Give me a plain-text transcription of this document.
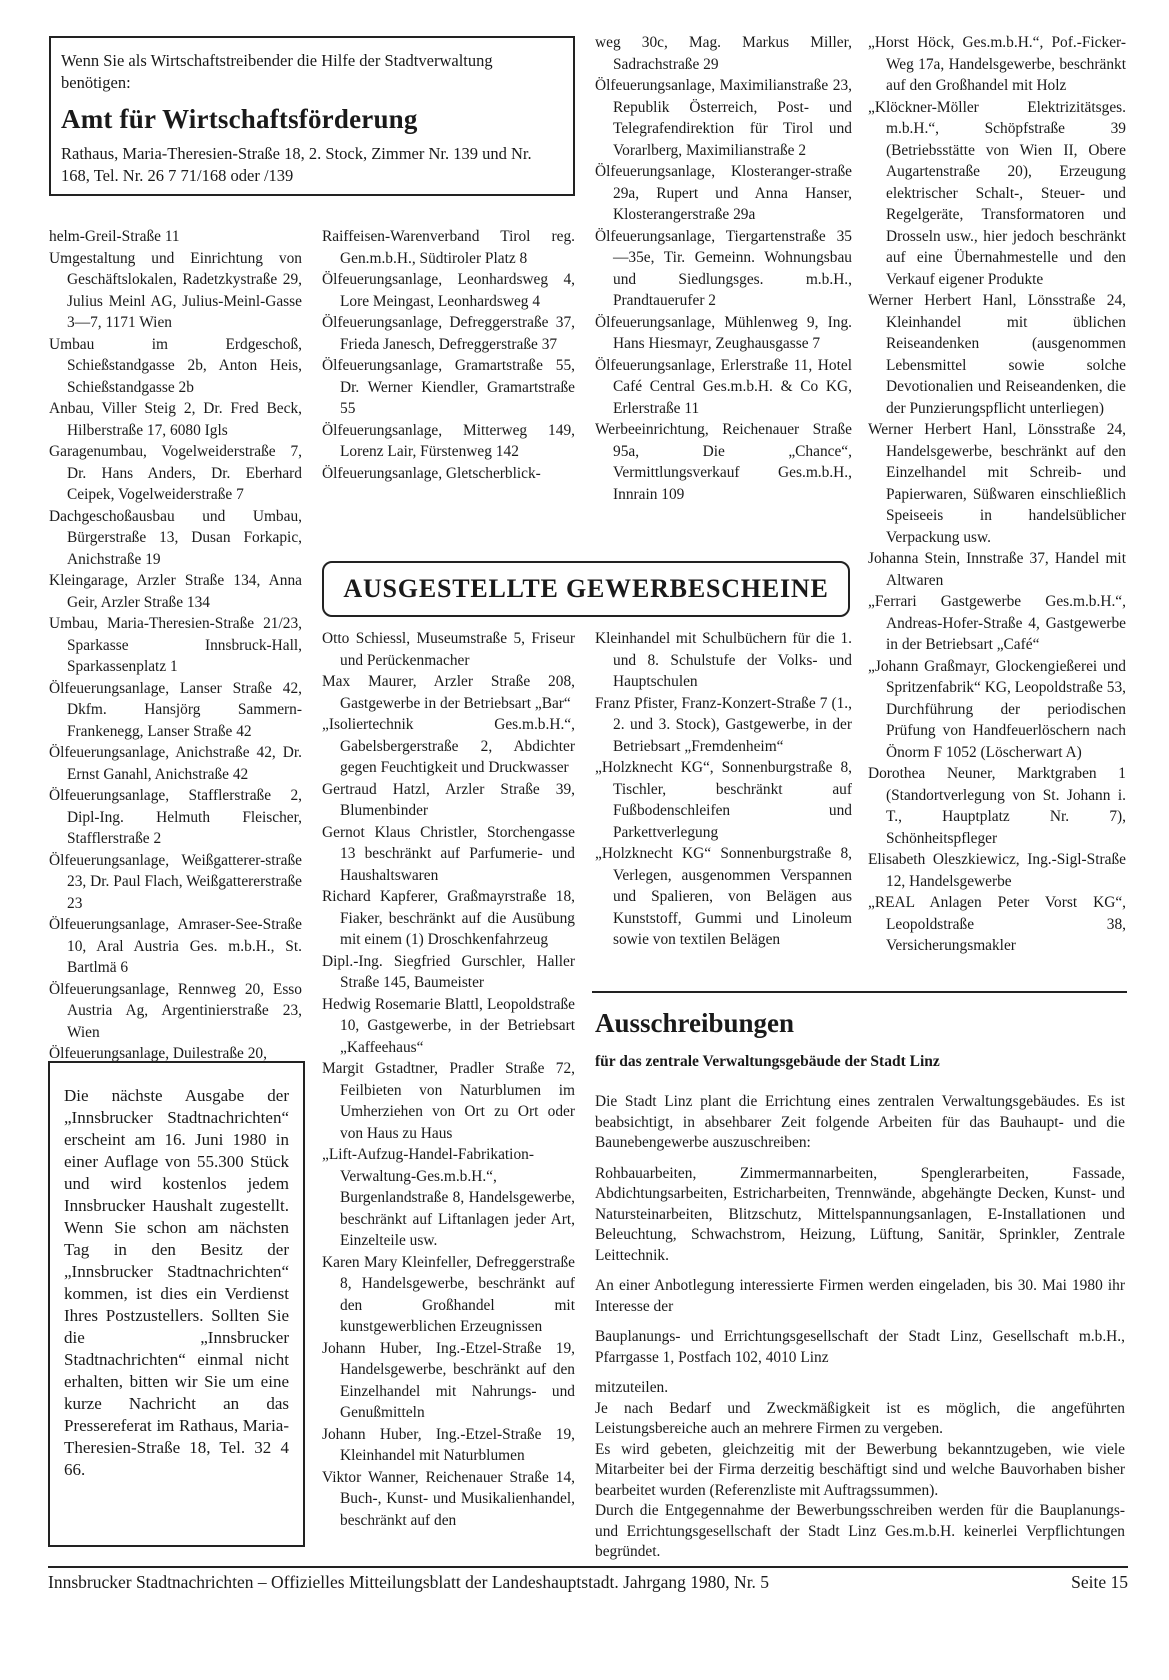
Wenn Sie als Wirtschaftstreibender die Hilfe der Stadtverwaltung benötigen:
Amt für Wirtschaftsförderung
Rathaus, Maria-Theresien-Straße 18, 2. Stock, Zimmer Nr. 139 und Nr. 168, Tel. Nr. 26 7 71/168 oder /139
helm-Greil-Straße 11
Umgestaltung und Einrichtung von Geschäftslokalen, Radetzkystraße 29, Julius Meinl AG, Julius-Meinl-Gasse 3—7, 1171 Wien
Umbau im Erdgeschoß, Schießstandgasse 2b, Anton Heis, Schießstandgasse 2b
Anbau, Viller Steig 2, Dr. Fred Beck, Hilberstraße 17, 6080 Igls
Garagenumbau, Vogelweiderstraße 7, Dr. Hans Anders, Dr. Eberhard Ceipek, Vogelweiderstraße 7
Dachgeschoßausbau und Umbau, Bürgerstraße 13, Dusan Forkapic, Anichstraße 19
Kleingarage, Arzler Straße 134, Anna Geir, Arzler Straße 134
Umbau, Maria-Theresien-Straße 21/23, Sparkasse Innsbruck-Hall, Sparkassenplatz 1
Ölfeuerungsanlage, Lanser Straße 42, Dkfm. Hansjörg Sammern-Frankenegg, Lanser Straße 42
Ölfeuerungsanlage, Anichstraße 42, Dr. Ernst Ganahl, Anichstraße 42
Ölfeuerungsanlage, Stafflerstraße 2, Dipl-Ing. Helmuth Fleischer, Stafflerstraße 2
Ölfeuerungsanlage, Weißgatterer-straße 23, Dr. Paul Flach, Weißgattererstraße 23
Ölfeuerungsanlage, Amraser-See-Straße 10, Aral Austria Ges. m.b.H., St. Bartlmä 6
Ölfeuerungsanlage, Rennweg 20, Esso Austria Ag, Argentinierstraße 23, Wien
Ölfeuerungsanlage, Duilestraße 20,
Raiffeisen-Warenverband Tirol reg. Gen.m.b.H., Südtiroler Platz 8
Ölfeuerungsanlage, Leonhardsweg 4, Lore Meingast, Leonhardsweg 4
Ölfeuerungsanlage, Defreggerstraße 37, Frieda Janesch, Defreggerstraße 37
Ölfeuerungsanlage, Gramartstraße 55, Dr. Werner Kiendler, Gramartstraße 55
Ölfeuerungsanlage, Mitterweg 149, Lorenz Lair, Fürstenweg 142
Ölfeuerungsanlage, Gletscherblick-
weg 30c, Mag. Markus Miller, Sadrachstraße 29
Ölfeuerungsanlage, Maximilianstraße 23, Republik Österreich, Post- und Telegrafendirektion für Tirol und Vorarlberg, Maximilianstraße 2
Ölfeuerungsanlage, Klosteranger-straße 29a, Rupert und Anna Hanser, Klosterangerstraße 29a
Ölfeuerungsanlage, Tiergartenstraße 35—35e, Tir. Gemeinn. Wohnungsbau und Siedlungsges. m.b.H., Prandtauerufer 2
Ölfeuerungsanlage, Mühlenweg 9, Ing. Hans Hiesmayr, Zeughausgasse 7
Ölfeuerungsanlage, Erlerstraße 11, Hotel Café Central Ges.m.b.H. & Co KG, Erlerstraße 11
Werbeeinrichtung, Reichenauer Straße 95a, Die „Chance“, Vermittlungsverkauf Ges.m.b.H., Innrain 109
„Horst Höck, Ges.m.b.H.“, Pof.-Ficker-Weg 17a, Handelsgewerbe, beschränkt auf den Großhandel mit Holz
„Klöckner-Möller Elektrizitätsges. m.b.H.“, Schöpfstraße 39 (Betriebsstätte von Wien II, Obere Augartenstraße 20), Erzeugung elektrischer Schalt-, Steuer- und Regelgeräte, Transformatoren und Drosseln usw., hier jedoch beschränkt auf eine Übernahmestelle und den Verkauf eigener Produkte
Werner Herbert Hanl, Lönsstraße 24, Kleinhandel mit üblichen Reiseandenken (ausgenommen Lebensmittel sowie solche Devotionalien und Reiseandenken, die der Punzierungspflicht unterliegen)
Werner Herbert Hanl, Lönsstraße 24, Handelsgewerbe, beschränkt auf den Einzelhandel mit Schreib- und Papierwaren, Süßwaren einschließlich Speiseeis in handelsüblicher Verpackung usw.
Johanna Stein, Innstraße 37, Handel mit Altwaren
„Ferrari Gastgewerbe Ges.m.b.H.“, Andreas-Hofer-Straße 4, Gastgewerbe in der Betriebsart „Café“
„Johann Graßmayr, Glockengießerei und Spritzenfabrik“ KG, Leopoldstraße 53, Durchführung der periodischen Prüfung von Handfeuerlöschern nach Önorm F 1052 (Löscherwart A)
Dorothea Neuner, Marktgraben 1 (Standortverlegung von St. Johann i. T., Hauptplatz Nr. 7), Schönheitspfleger
Elisabeth Oleszkiewicz, Ing.-Sigl-Straße 12, Handelsgewerbe
„REAL Anlagen Peter Vorst KG“, Leopoldstraße 38, Versicherungsmakler
AUSGESTELLTE GEWERBESCHEINE
Otto Schiessl, Museumstraße 5, Friseur und Perückenmacher
Max Maurer, Arzler Straße 208, Gastgewerbe in der Betriebsart „Bar“
„Isoliertechnik Ges.m.b.H.“, Gabelsbergerstraße 2, Abdichter gegen Feuchtigkeit und Druckwasser
Gertraud Hatzl, Arzler Straße 39, Blumenbinder
Gernot Klaus Christler, Storchengasse 13 beschränkt auf Parfumerie- und Haushaltswaren
Richard Kapferer, Graßmayrstraße 18, Fiaker, beschränkt auf die Ausübung mit einem (1) Droschkenfahrzeug
Dipl.-Ing. Siegfried Gurschler, Haller Straße 145, Baumeister
Hedwig Rosemarie Blattl, Leopoldstraße 10, Gastgewerbe, in der Betriebsart „Kaffeehaus“
Margit Gstadtner, Pradler Straße 72, Feilbieten von Naturblumen im Umherziehen von Ort zu Ort oder von Haus zu Haus
„Lift-Aufzug-Handel-Fabrikation-Verwaltung-Ges.m.b.H.“, Burgenlandstraße 8, Handelsgewerbe, beschränkt auf Liftanlagen jeder Art, Einzelteile usw.
Karen Mary Kleinfeller, Defreggerstraße 8, Handelsgewerbe, beschränkt auf den Großhandel mit kunstgewerblichen Erzeugnissen
Johann Huber, Ing.-Etzel-Straße 19, Handelsgewerbe, beschränkt auf den Einzelhandel mit Nahrungs- und Genußmitteln
Johann Huber, Ing.-Etzel-Straße 19, Kleinhandel mit Naturblumen
Viktor Wanner, Reichenauer Straße 14, Buch-, Kunst- und Musikalienhandel, beschränkt auf den
Kleinhandel mit Schulbüchern für die 1. und 8. Schulstufe der Volks- und Hauptschulen
Franz Pfister, Franz-Konzert-Straße 7 (1., 2. und 3. Stock), Gastgewerbe, in der Betriebsart „Fremdenheim“
„Holzknecht KG“, Sonnenburgstraße 8, Tischler, beschränkt auf Fußbodenschleifen und Parkettverlegung
„Holzknecht KG“ Sonnenburgstraße 8, Verlegen, ausgenommen Verspannen und Spalieren, von Belägen aus Kunststoff, Gummi und Linoleum sowie von textilen Belägen
Die nächste Ausgabe der „Innsbrucker Stadtnachrichten“ erscheint am 16. Juni 1980 in einer Auflage von 55.300 Stück und wird kostenlos jedem Innsbrucker Haushalt zugestellt. Wenn Sie schon am nächsten Tag in den Besitz der „Innsbrucker Stadtnachrichten“ kommen, ist dies ein Verdienst Ihres Postzustellers. Sollten Sie die „Innsbrucker Stadtnachrichten“ einmal nicht erhalten, bitten wir Sie um eine kurze Nachricht an das Pressereferat im Rathaus, Maria-Theresien-Straße 18, Tel. 32 4 66.
Ausschreibungen
für das zentrale Verwaltungsgebäude der Stadt Linz

Die Stadt Linz plant die Errichtung eines zentralen Verwaltungsgebäudes. Es ist beabsichtigt, in absehbarer Zeit folgende Arbeiten für das Bauhaupt- und die Baunebengewerbe auszuschreiben:

Rohbauarbeiten, Zimmermannarbeiten, Spenglerarbeiten, Fassade, Abdichtungsarbeiten, Estricharbeiten, Trennwände, abgehängte Decken, Kunst- und Natursteinarbeiten, Blitzschutz, Mittelspannungsanlagen, E-Installationen und Beleuchtung, Schwachstrom, Heizung, Lüftung, Sanitär, Sprinkler, Zentrale Leittechnik.

An einer Anbotlegung interessierte Firmen werden eingeladen, bis 30. Mai 1980 ihr Interesse der

Bauplanungs- und Errichtungsgesellschaft der Stadt Linz, Gesellschaft m.b.H., Pfarrgasse 1, Postfach 102, 4010 Linz

mitzuteilen.

Je nach Bedarf und Zweckmäßigkeit ist es möglich, die angeführten Leistungsbereiche auch an mehrere Firmen zu vergeben.

Es wird gebeten, gleichzeitig mit der Bewerbung bekanntzugeben, wie viele Mitarbeiter bei der Firma derzeitig beschäftigt sind und welche Bauvorhaben bisher bearbeitet wurden (Referenzliste mit Auftragssummen).

Durch die Entgegennahme der Bewerbungsschreiben werden für die Bauplanungs- und Errichtungsgesellschaft der Stadt Linz Ges.m.b.H. keinerlei Verpflichtungen begründet.

Innsbrucker Stadtnachrichten – Offizielles Mitteilungsblatt der Landeshauptstadt. Jahrgang 1980, Nr. 5	Seite 15
